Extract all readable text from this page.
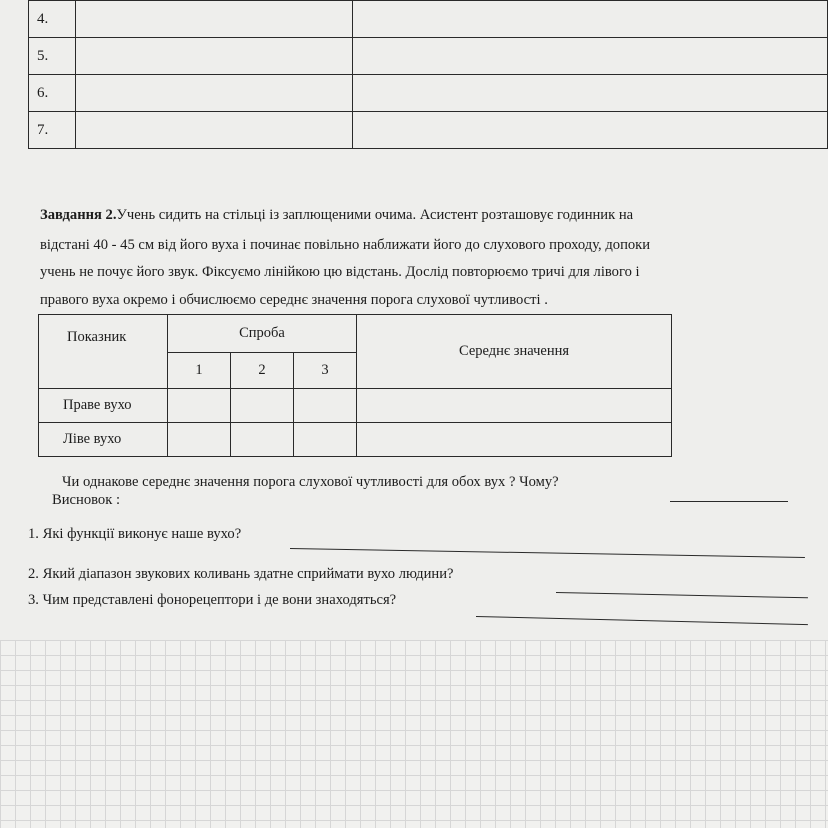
4.		
5.		
6.		
7.		
Завдання 2.Учень сидить на стільці із заплющеними очима. Асистент розташовує годинник на
відстані 40 - 45 см від його вуха і починає повільно наближати його до слухового проходу, допоки
учень не почує його звук. Фіксуємо лінійкою цю відстань. Дослід повторюємо тричі для лівого і
правого вуха окремо і обчислюємо середнє значення порога слухової чутливості .
Показник	Спроба			Середнє значення
	1	2	3	
Праве вухо				
Ліве вухо				
Чи однакове середнє значення порога слухової чутливості для обох вух ? Чому?
Висновок :
1. Які функції виконує наше вухо?
2. Який діапазон звукових коливань здатне сприймати вухо людини?
3. Чим представлені фонорецептори і де вони знаходяться?
